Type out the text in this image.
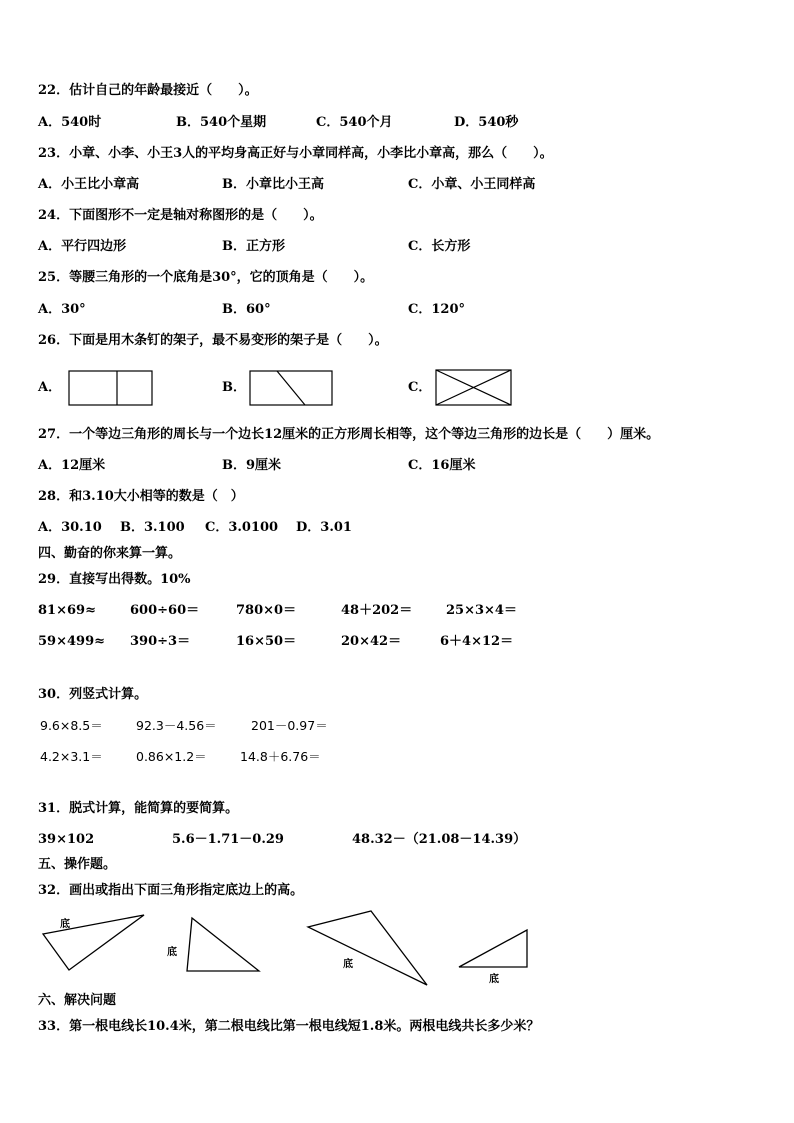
22．估计自己的年龄最接近（　　）。
A．540时	B．540个星期	C．540个月	D．540秒
23．小章、小李、小王3人的平均身高正好与小章同样高，小李比小章高，那么（　　）。
A．小王比小章高	B．小章比小王高	C．小章、小王同样高
24．下面图形不一定是轴对称图形的是（　　）。
A．平行四边形	B．正方形	C．长方形
25．等腰三角形的一个底角是30°，它的顶角是（　　）。
A．30°	B．60°	C．120°
26．下面是用木条钉的架子，最不易变形的架子是（　　）。
A．	B．	C．
27．一个等边三角形的周长与一个边长12厘米的正方形周长相等，这个等边三角形的边长是（　　）厘米。
A．12厘米	B．9厘米	C．16厘米
28．和3.10大小相等的数是（　）
A．30.10 B．3.100 C．3.0100 D．3.01
四、勤奋的你来算一算。
29．直接写出得数。10%
81×69≈	600÷60＝	780×0＝	48＋202＝	25×3×4＝
59×499≈ 390÷3＝	16×50＝	20×42＝	6＋4×12＝
30．列竖式计算。
9.6×8.5＝	92.3－4.56＝	201－0.97＝
4.2×3.1＝	0.86×1.2＝	14.8＋6.76＝
31．脱式计算，能简算的要简算。
39×102	5.6－1.71－0.29	48.32－（21.08－14.39）
五、操作题。
32．画出或指出下面三角形指定底边上的高。
底
底
底
底
六、解决问题
33．第一根电线长10.4米，第二根电线比第一根电线短1.8米。两根电线共长多少米？
